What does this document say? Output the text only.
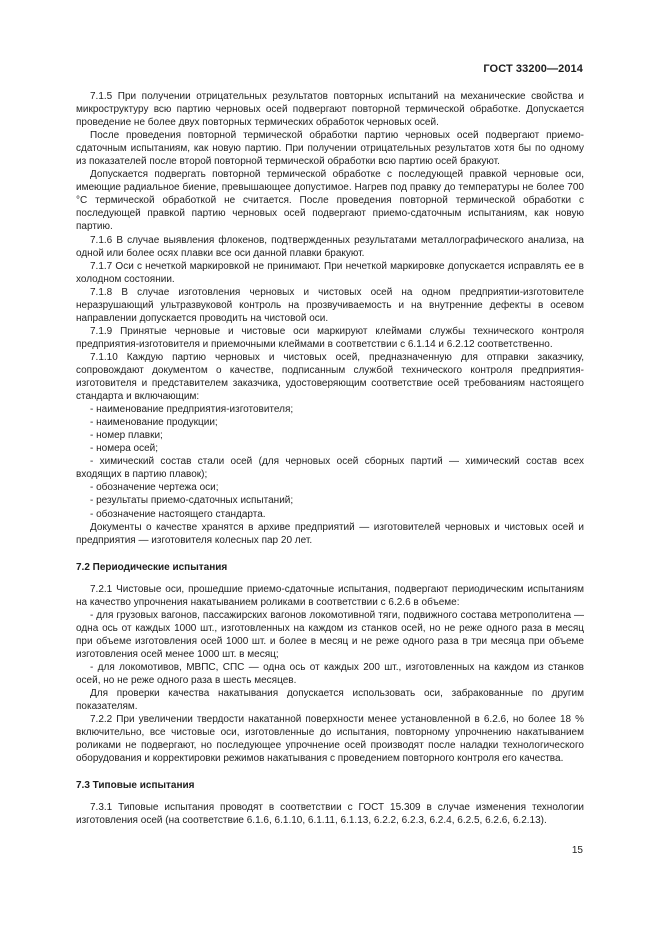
ГОСТ 33200—2014

7.1.5 При получении отрицательных результатов повторных испытаний на механические свойства и микроструктуру всю партию черновых осей подвергают повторной термической обработке. Допускается проведение не более двух повторных термических обработок черновых осей.

После проведения повторной термической обработки партию черновых осей подвергают приемо-сдаточным испытаниям, как новую партию. При получении отрицательных результатов хотя бы по одному из показателей после второй повторной термической обработки всю партию осей бракуют.

Допускается подвергать повторной термической обработке с последующей правкой черновые оси, имеющие радиальное биение, превышающее допустимое. Нагрев под правку до температуры не более 700 °С термической обработкой не считается. После проведения повторной термической обработки с последующей правкой партию черновых осей подвергают приемо-сдаточным испытаниям, как новую партию.

7.1.6 В случае выявления флокенов, подтвержденных результатами металлографического анализа, на одной или более осях плавки все оси данной плавки бракуют.

7.1.7 Оси с нечеткой маркировкой не принимают. При нечеткой маркировке допускается исправлять ее в холодном состоянии.

7.1.8 В случае изготовления черновых и чистовых осей на одном предприятии-изготовителе неразрушающий ультразвуковой контроль на прозвучиваемость и на внутренние дефекты в осевом направлении допускается проводить на чистовой оси.

7.1.9 Принятые черновые и чистовые оси маркируют клеймами службы технического контроля предприятия-изготовителя и приемочными клеймами в соответствии с 6.1.14 и 6.2.12 соответственно.

7.1.10 Каждую партию черновых и чистовых осей, предназначенную для отправки заказчику, сопровождают документом о качестве, подписанным службой технического контроля предприятия-изготовителя и представителем заказчика, удостоверяющим соответствие осей требованиям настоящего стандарта и включающим:

- наименование предприятия-изготовителя;

- наименование продукции;

- номер плавки;

- номера осей;

- химический состав стали осей (для черновых осей сборных партий — химический состав всех входящих в партию плавок);

- обозначение чертежа оси;

- результаты приемо-сдаточных испытаний;

- обозначение настоящего стандарта.

Документы о качестве хранятся в архиве предприятий — изготовителей черновых и чистовых осей и предприятия — изготовителя колесных пар 20 лет.

7.2 Периодические испытания

7.2.1 Чистовые оси, прошедшие приемо-сдаточные испытания, подвергают периодическим испытаниям на качество упрочнения накатыванием роликами в соответствии с 6.2.6 в объеме:

- для грузовых вагонов, пассажирских вагонов локомотивной тяги, подвижного состава метрополитена — одна ось от каждых 1000 шт., изготовленных на каждом из станков осей, но не реже одного раза в месяц при объеме изготовления осей 1000 шт. и более в месяц и не реже одного раза в три месяца при объеме изготовления осей менее 1000 шт. в месяц;

- для локомотивов, МВПС, СПС — одна ось от каждых 200 шт., изготовленных на каждом из станков осей, но не реже одного раза в шесть месяцев.

Для проверки качества накатывания допускается использовать оси, забракованные по другим показателям.

7.2.2 При увеличении твердости накатанной поверхности менее установленной в 6.2.6, но более 18 % включительно, все чистовые оси, изготовленные до испытания, повторному упрочнению накатыванием роликами не подвергают, но последующее упрочнение осей производят после наладки технологического оборудования и корректировки режимов накатывания с проведением повторного контроля его качества.

7.3 Типовые испытания

7.3.1 Типовые испытания проводят в соответствии с ГОСТ 15.309 в случае изменения технологии изготовления осей (на соответствие 6.1.6, 6.1.10, 6.1.11, 6.1.13, 6.2.2, 6.2.3, 6.2.4, 6.2.5, 6.2.6, 6.2.13).

15
